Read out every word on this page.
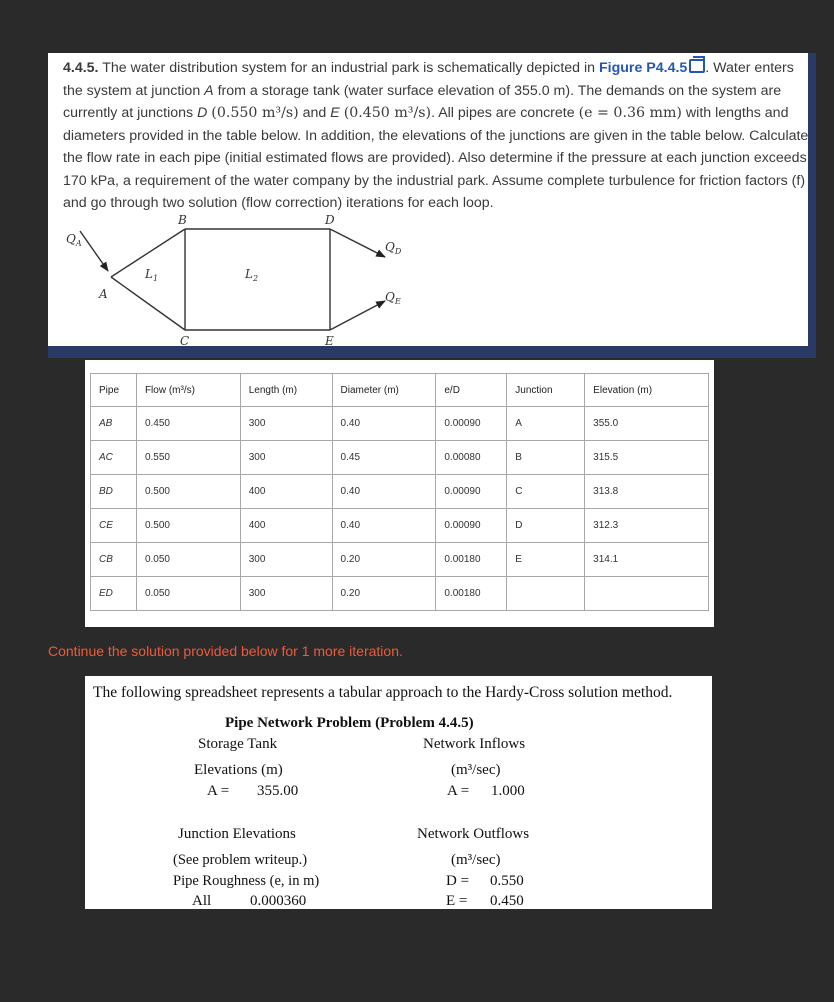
4.4.5. The water distribution system for an industrial park is schematically depicted in Figure P4.4.5 . Water enters the system at junction A from a storage tank (water surface elevation of 355.0 m). The demands on the system are currently at junctions D (0.550 m³/s) and E (0.450 m³/s). All pipes are concrete (e = 0.36 mm) with lengths and diameters provided in the table below. In addition, the elevations of the junctions are given in the table below. Calculate the flow rate in each pipe (initial estimated flows are provided). Also determine if the pressure at each junction exceeds 170 kPa, a requirement of the water company by the industrial park. Assume complete turbulence for friction factors (f) and go through two solution (flow correction) iterations for each loop.
$Q_A$
A
B	D
C	E
$L_1$	$L_2$
$Q_D$
$Q_E$
Pipe	Flow (m³/s)	Length (m)	Diameter (m)	e/D	Junction	Elevation (m)
AB	0.450	300	0.40	0.00090	A	355.0
AC	0.550	300	0.45	0.00080	B	315.5
BD	0.500	400	0.40	0.00090	C	313.8
CE	0.500	400	0.40	0.00090	D	312.3
CB	0.050	300	0.20	0.00180	E	314.1
ED	0.050	300	0.20	0.00180		
Continue the solution provided below for 1 more iteration.
The following spreadsheet represents a tabular approach to the Hardy-Cross solution method.
Pipe Network Problem (Problem 4.4.5)
Storage Tank	Network Inflows
Elevations (m)	(m³/sec)
A = 355.00	A = 1.000
Junction Elevations	Network Outflows
(See problem writeup.)	(m³/sec)
Pipe Roughness (e, in m)	D = 0.550
All	0.000360	E = 0.450
